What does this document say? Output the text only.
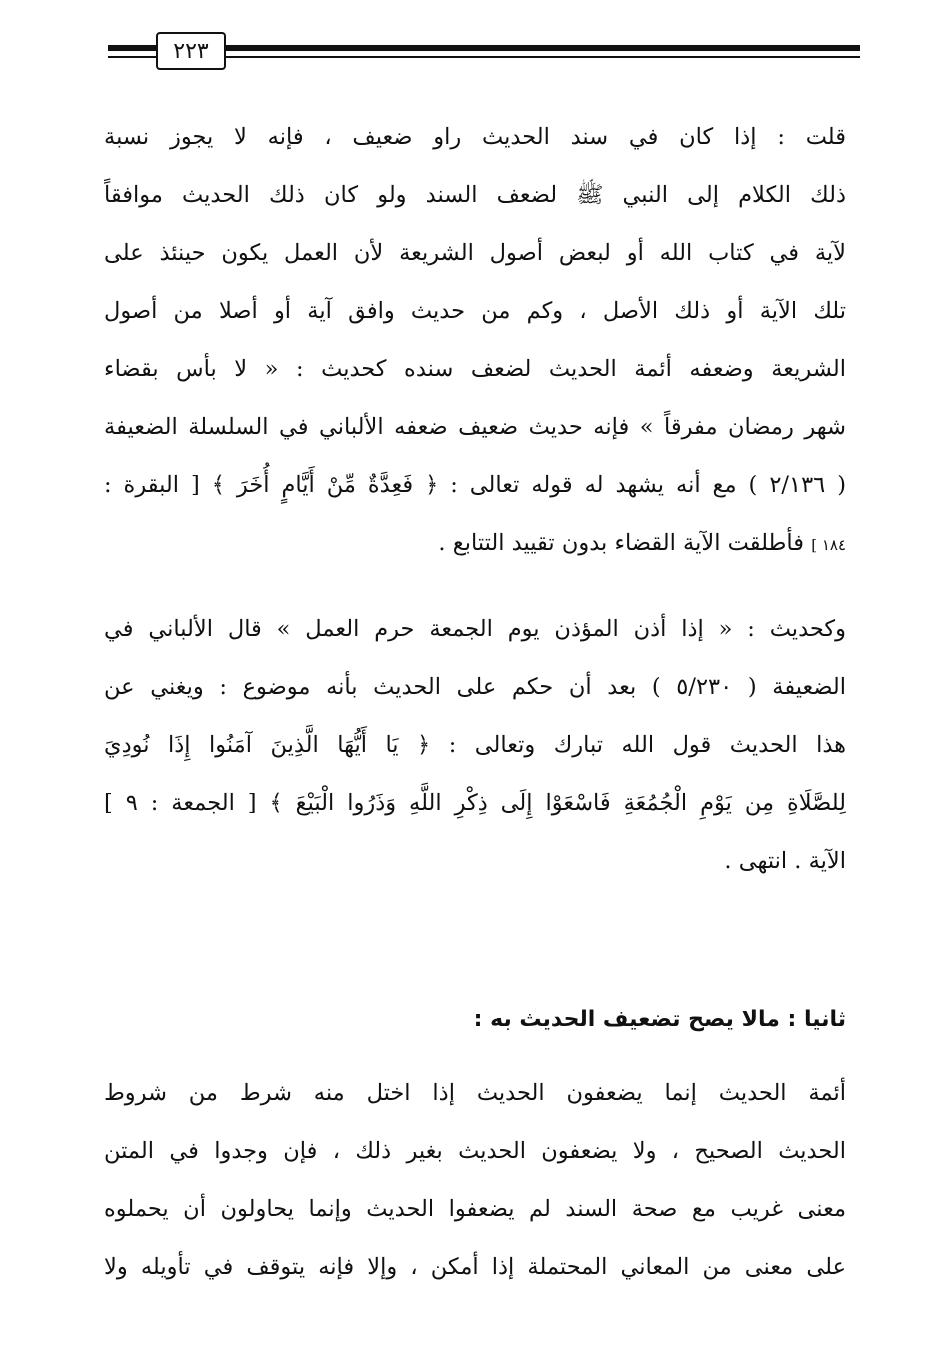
٢٢٣
قلت : إذا كان في سند الحديث راو ضعيف ، فإنه لا يجوز نسبة
ذلك الكلام إلى النبي ﷺ لضعف السند ولو كان ذلك الحديث موافقاً
لآية في كتاب الله أو لبعض أصول الشريعة لأن العمل يكون حينئذ على
تلك الآية أو ذلك الأصل ، وكم من حديث وافق آية أو أصلا من أصول
الشريعة وضعفه أئمة الحديث لضعف سنده كحديث : « لا بأس بقضاء
شهر رمضان مفرقاً » فإنه حديث ضعيف ضعفه الألباني في السلسلة الضعيفة
( ٢/١٣٦ ) مع أنه يشهد له قوله تعالى : ﴿ فَعِدَّةٌ مِّنْ أَيَّامٍ أُخَرَ ﴾ [ البقرة :
١٨٤ ] فأطلقت الآية القضاء بدون تقييد التتابع .
وكحديث : « إذا أذن المؤذن يوم الجمعة حرم العمل » قال الألباني في
الضعيفة ( ٥/٢٣٠ ) بعد أن حكم على الحديث بأنه موضوع : ويغني عن
هذا الحديث قول الله تبارك وتعالى : ﴿ يَا أَيُّهَا الَّذِينَ آمَنُوا إِذَا نُودِيَ
لِلصَّلَاةِ مِن يَوْمِ الْجُمُعَةِ فَاسْعَوْا إِلَى ذِكْرِ اللَّهِ وَذَرُوا الْبَيْعَ ﴾ [ الجمعة : ٩ ]
الآية . انتهى .
ثانيا : مالا يصح تضعيف الحديث به :
أئمة الحديث إنما يضعفون الحديث إذا اختل منه شرط من شروط
الحديث الصحيح ، ولا يضعفون الحديث بغير ذلك ، فإن وجدوا في المتن
معنى غريب مع صحة السند لم يضعفوا الحديث وإنما يحاولون أن يحملوه
على معنى من المعاني المحتملة إذا أمكن ، وإلا فإنه يتوقف في تأويله ولا
